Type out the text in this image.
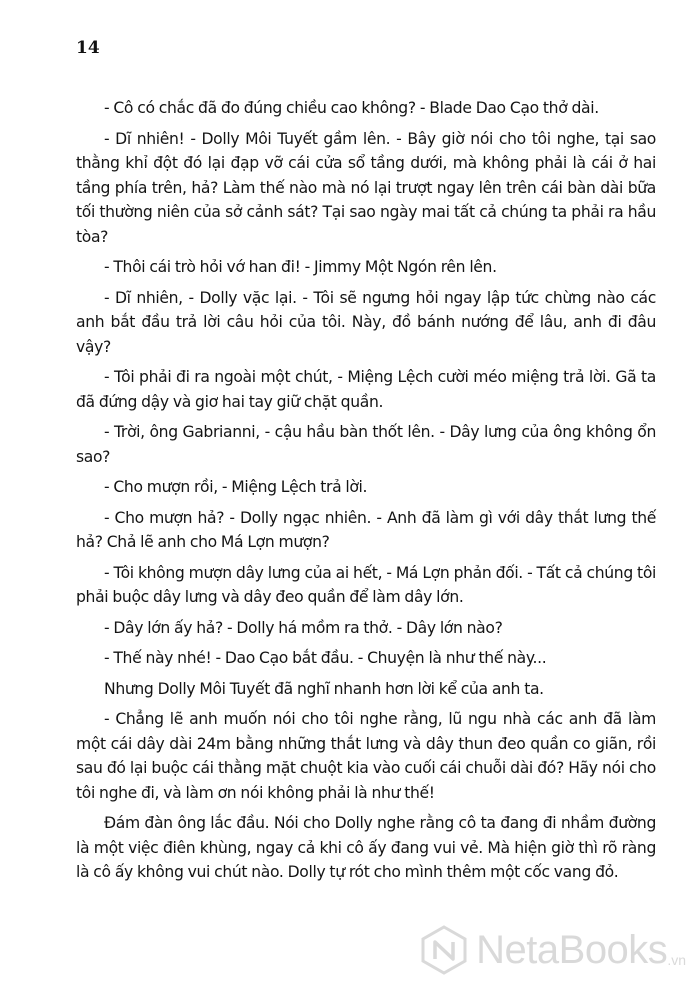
14

- Cô có chắc đã đo đúng chiều cao không? - Blade Dao Cạo thở dài.

- Dĩ nhiên! - Dolly Môi Tuyết gầm lên. - Bây giờ nói cho tôi nghe, tại sao thằng khỉ đột đó lại đạp vỡ cái cửa sổ tầng dưới, mà không phải là cái ở hai tầng phía trên, hả? Làm thế nào mà nó lại trượt ngay lên trên cái bàn dài bữa tối thường niên của sở cảnh sát? Tại sao ngày mai tất cả chúng ta phải ra hầu tòa?

- Thôi cái trò hỏi vớ han đi! - Jimmy Một Ngón rên lên.

- Dĩ nhiên, - Dolly vặc lại. - Tôi sẽ ngưng hỏi ngay lập tức chừng nào các anh bắt đầu trả lời câu hỏi của tôi. Này, đồ bánh nướng để lâu, anh đi đâu vậy?

- Tôi phải đi ra ngoài một chút, - Miệng Lệch cười méo miệng trả lời. Gã ta đã đứng dậy và giơ hai tay giữ chặt quần.

- Trời, ông Gabrianni, - cậu hầu bàn thốt lên. - Dây lưng của ông không ổn sao?

- Cho mượn rồi, - Miệng Lệch trả lời.

- Cho mượn hả? - Dolly ngạc nhiên. - Anh đã làm gì với dây thắt lưng thế hả? Chả lẽ anh cho Má Lợn mượn?

- Tôi không mượn dây lưng của ai hết, - Má Lợn phản đối. - Tất cả chúng tôi phải buộc dây lưng và dây đeo quần để làm dây lớn.

- Dây lớn ấy hả? - Dolly há mồm ra thở. - Dây lớn nào?

- Thế này nhé! - Dao Cạo bắt đầu. - Chuyện là như thế này...

Nhưng Dolly Môi Tuyết đã nghĩ nhanh hơn lời kể của anh ta.

- Chẳng lẽ anh muốn nói cho tôi nghe rằng, lũ ngu nhà các anh đã làm một cái dây dài 24m bằng những thắt lưng và dây thun đeo quần co giãn, rồi sau đó lại buộc cái thằng mặt chuột kia vào cuối cái chuỗi dài đó? Hãy nói cho tôi nghe đi, và làm ơn nói không phải là như thế!

Đám đàn ông lắc đầu. Nói cho Dolly nghe rằng cô ta đang đi nhầm đường là một việc điên khùng, ngay cả khi cô ấy đang vui vẻ. Mà hiện giờ thì rõ ràng là cô ấy không vui chút nào. Dolly tự rót cho mình thêm một cốc vang đỏ.

NetaBooks .vn
